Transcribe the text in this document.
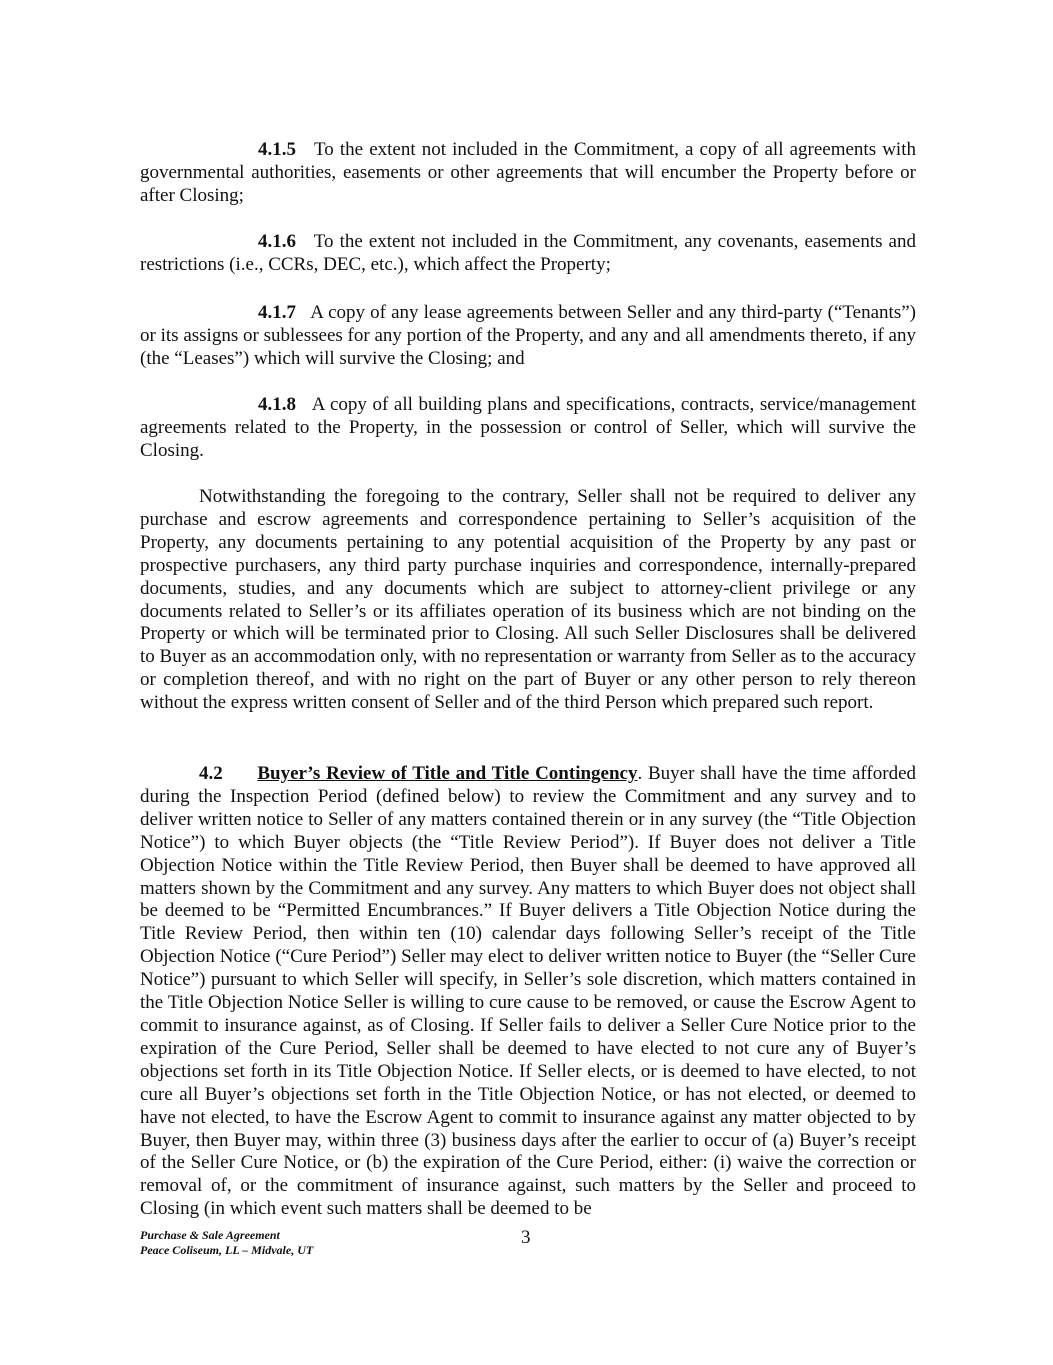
4.1.5 To the extent not included in the Commitment, a copy of all agreements with governmental authorities, easements or other agreements that will encumber the Property before or after Closing;

4.1.6 To the extent not included in the Commitment, any covenants, easements and restrictions (i.e., CCRs, DEC, etc.), which affect the Property;

4.1.7 A copy of any lease agreements between Seller and any third-party (“Tenants”) or its assigns or sublessees for any portion of the Property, and any and all amendments thereto, if any (the “Leases”) which will survive the Closing; and

4.1.8 A copy of all building plans and specifications, contracts, service/management agreements related to the Property, in the possession or control of Seller, which will survive the Closing.

Notwithstanding the foregoing to the contrary, Seller shall not be required to deliver any purchase and escrow agreements and correspondence pertaining to Seller’s acquisition of the Property, any documents pertaining to any potential acquisition of the Property by any past or prospective purchasers, any third party purchase inquiries and correspondence, internally-prepared documents, studies, and any documents which are subject to attorney-client privilege or any documents related to Seller’s or its affiliates operation of its business which are not binding on the Property or which will be terminated prior to Closing. All such Seller Disclosures shall be delivered to Buyer as an accommodation only, with no representation or warranty from Seller as to the accuracy or completion thereof, and with no right on the part of Buyer or any other person to rely thereon without the express written consent of Seller and of the third Person which prepared such report.

4.2 Buyer’s Review of Title and Title Contingency. Buyer shall have the time afforded during the Inspection Period (defined below) to review the Commitment and any survey and to deliver written notice to Seller of any matters contained therein or in any survey (the “Title Objection Notice”) to which Buyer objects (the “Title Review Period”). If Buyer does not deliver a Title Objection Notice within the Title Review Period, then Buyer shall be deemed to have approved all matters shown by the Commitment and any survey. Any matters to which Buyer does not object shall be deemed to be “Permitted Encumbrances.” If Buyer delivers a Title Objection Notice during the Title Review Period, then within ten (10) calendar days following Seller’s receipt of the Title Objection Notice (“Cure Period”) Seller may elect to deliver written notice to Buyer (the “Seller Cure Notice”) pursuant to which Seller will specify, in Seller’s sole discretion, which matters contained in the Title Objection Notice Seller is willing to cure cause to be removed, or cause the Escrow Agent to commit to insurance against, as of Closing. If Seller fails to deliver a Seller Cure Notice prior to the expiration of the Cure Period, Seller shall be deemed to have elected to not cure any of Buyer’s objections set forth in its Title Objection Notice. If Seller elects, or is deemed to have elected, to not cure all Buyer’s objections set forth in the Title Objection Notice, or has not elected, or deemed to have not elected, to have the Escrow Agent to commit to insurance against any matter objected to by Buyer, then Buyer may, within three (3) business days after the earlier to occur of (a) Buyer’s receipt of the Seller Cure Notice, or (b) the expiration of the Cure Period, either: (i) waive the correction or removal of, or the commitment of insurance against, such matters by the Seller and proceed to Closing (in which event such matters shall be deemed to be

Purchase & Sale Agreement
Peace Coliseum, LL – Midvale, UT
3
